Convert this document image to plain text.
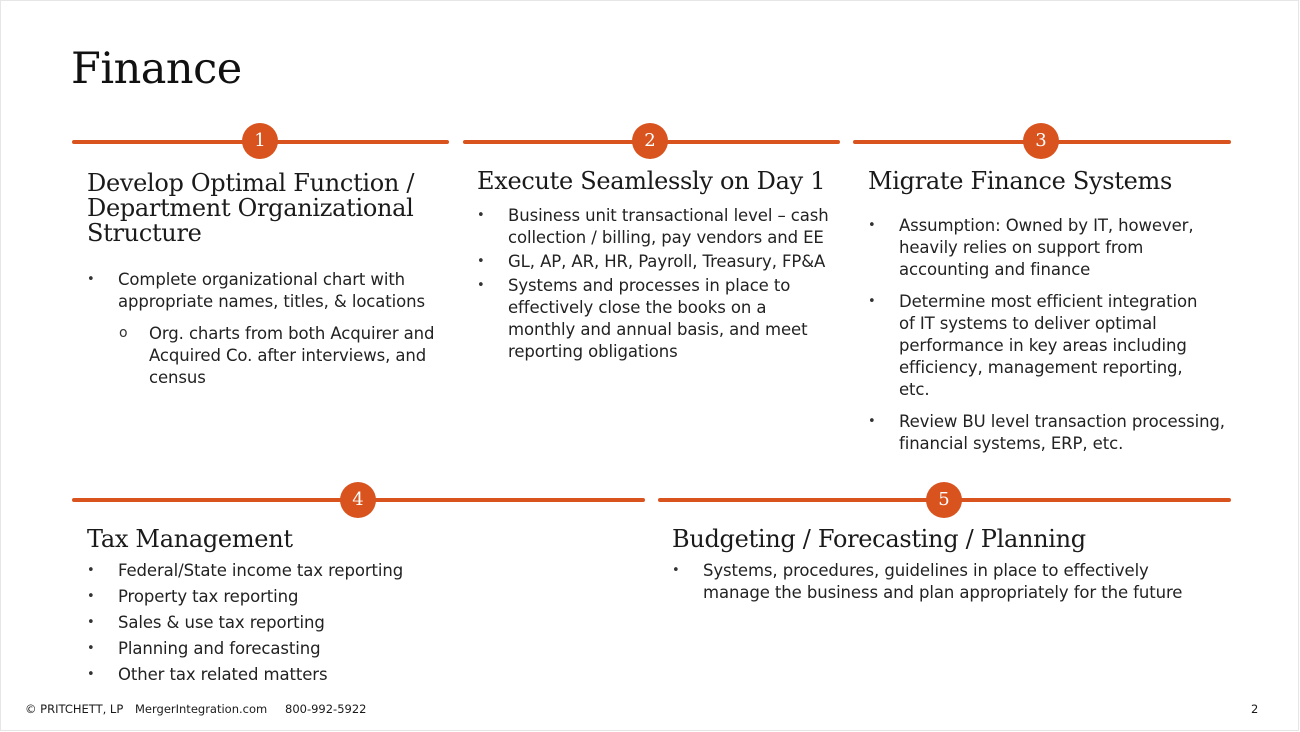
Finance
1
Develop Optimal Function / Department Organizational Structure
• Complete organizational chart with appropriate names, titles, & locations
o Org. charts from both Acquirer and Acquired Co. after interviews, and census
2
Execute Seamlessly on Day 1
• Business unit transactional level – cash collection / billing, pay vendors and EE
• GL, AP, AR, HR, Payroll, Treasury, FP&A
• Systems and processes in place to effectively close the books on a monthly and annual basis, and meet reporting obligations
3
Migrate Finance Systems
• Assumption: Owned by IT, however, heavily relies on support from accounting and finance
• Determine most efficient integration of IT systems to deliver optimal performance in key areas including efficiency, management reporting, etc.
• Review BU level transaction processing, financial systems, ERP, etc.
4
Tax Management
• Federal/State income tax reporting
• Property tax reporting
• Sales & use tax reporting
• Planning and forecasting
• Other tax related matters
5
Budgeting / Forecasting / Planning
• Systems, procedures, guidelines in place to effectively manage the business and plan appropriately for the future
© PRITCHETT, LP MergerIntegration.com 800-992-5922	2
